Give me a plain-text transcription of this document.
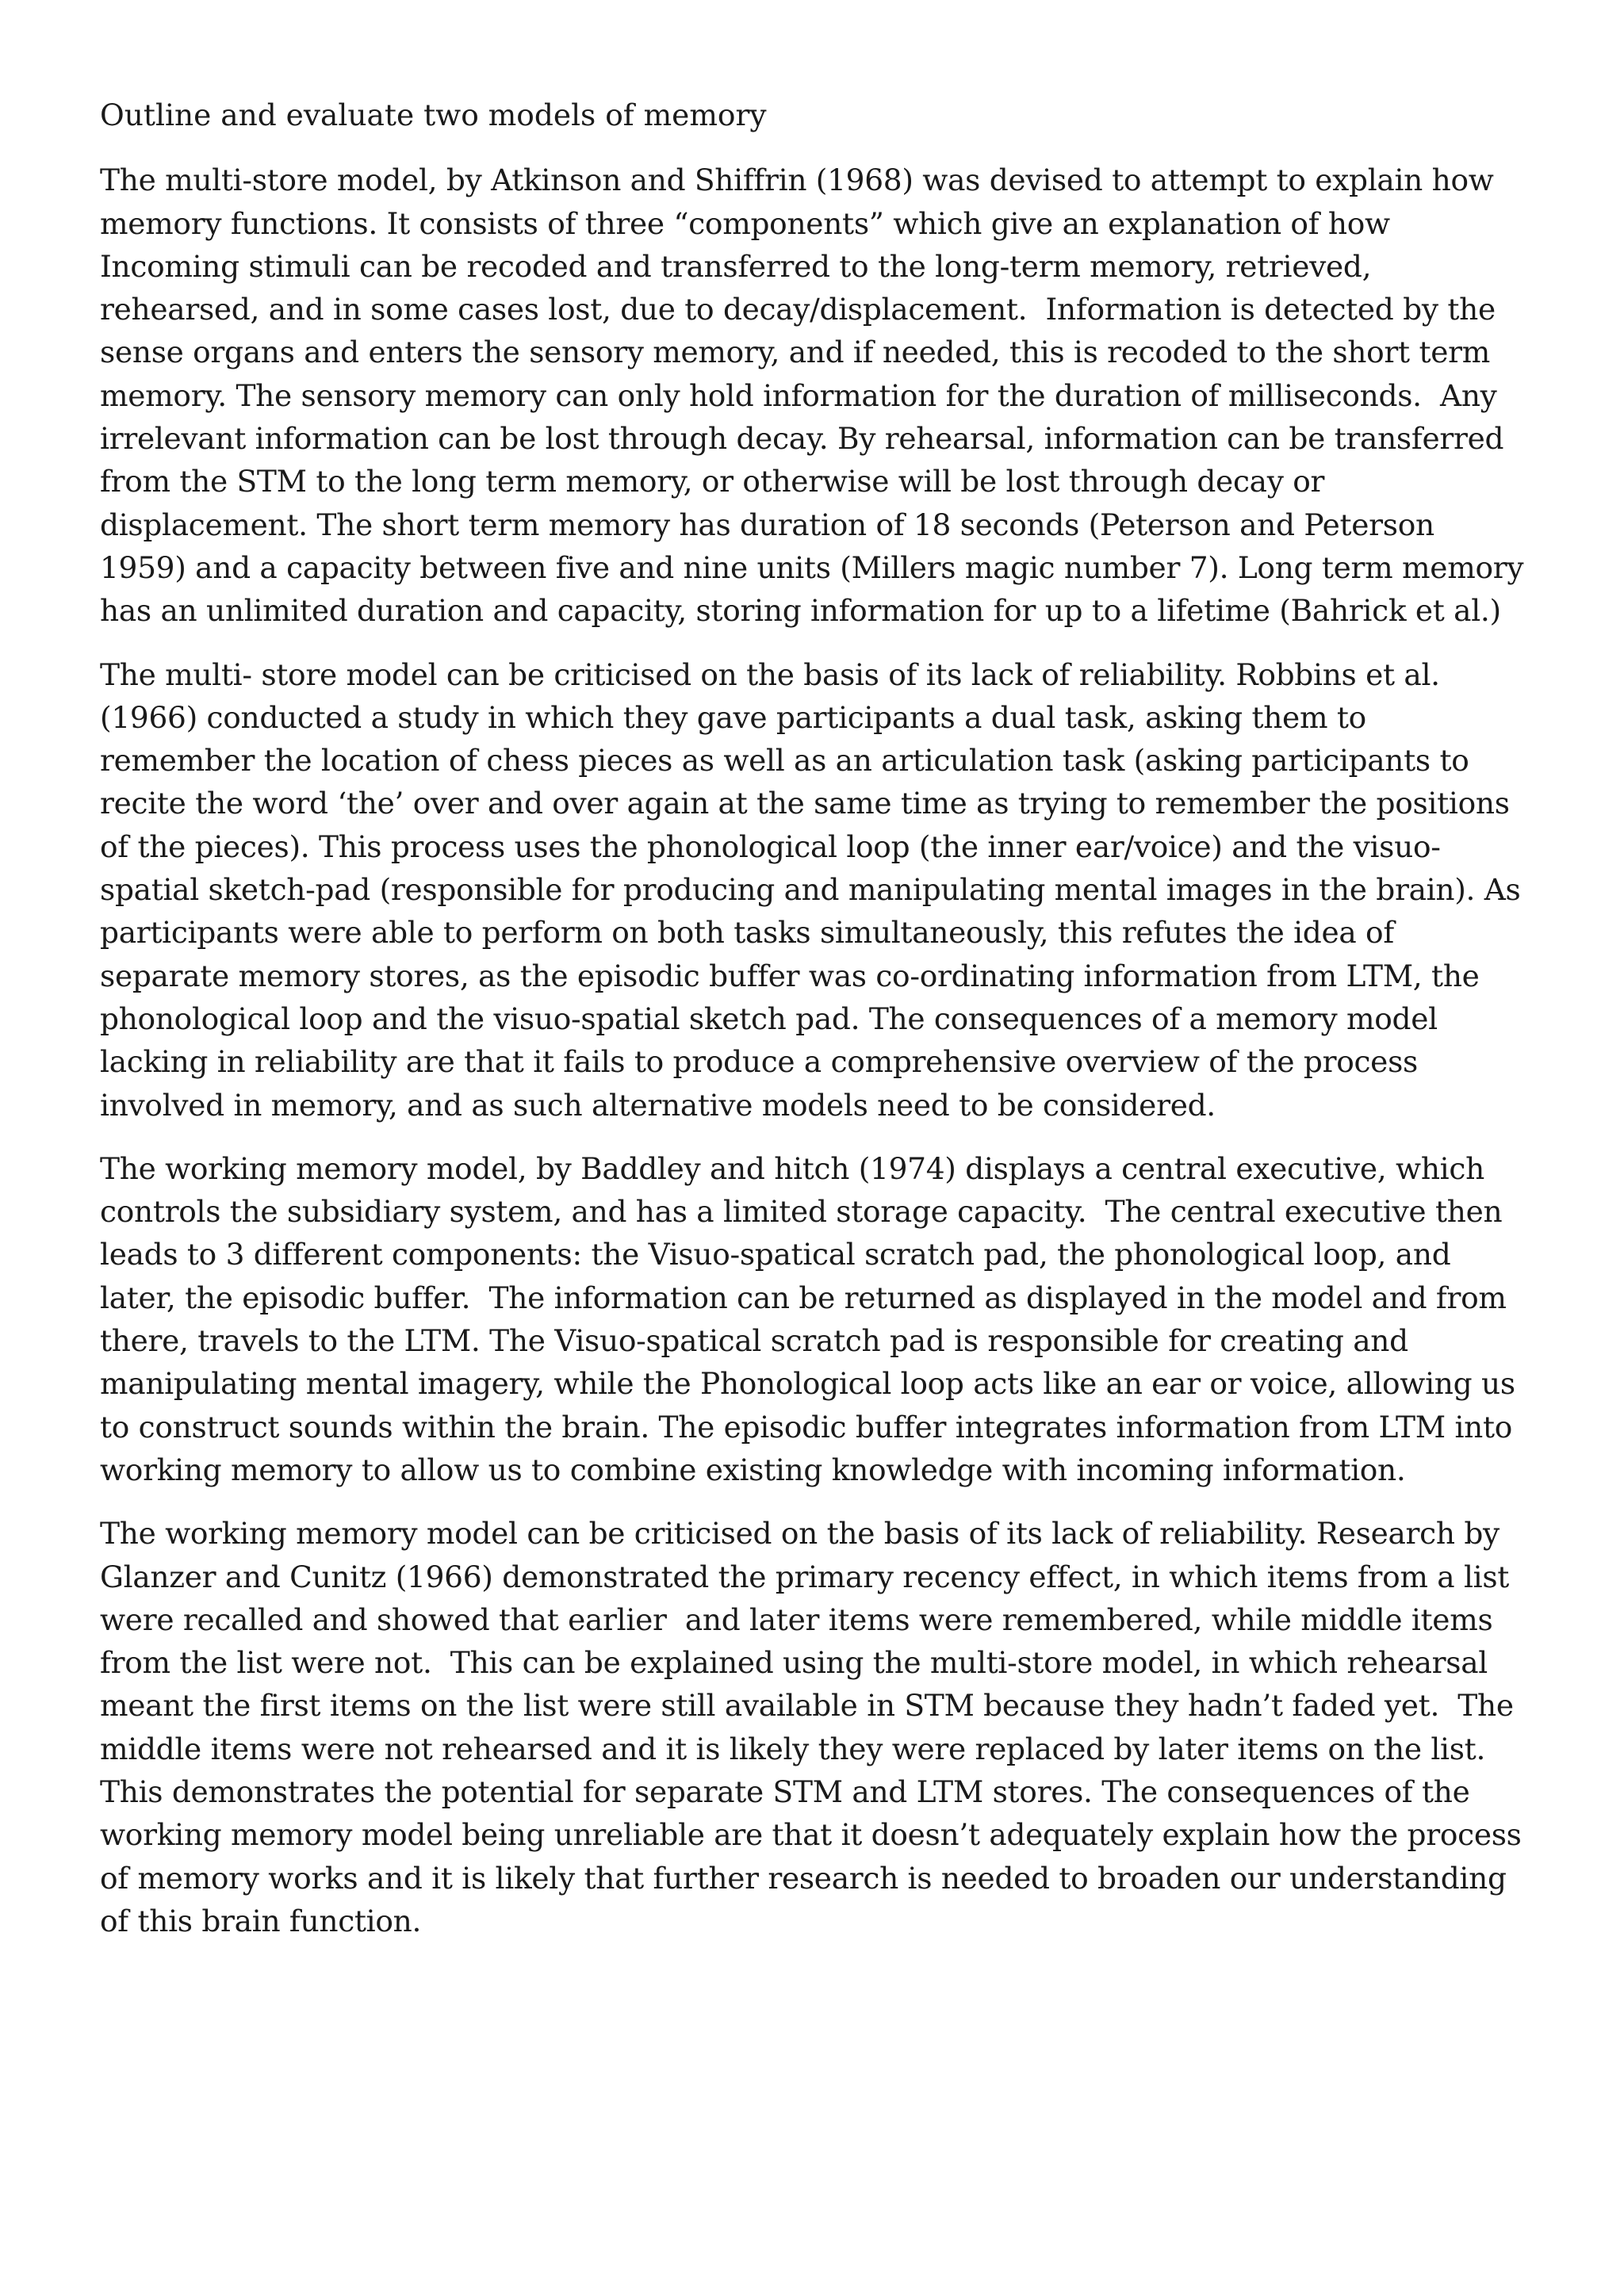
Outline and evaluate two models of memory

The multi-store model, by Atkinson and Shiffrin (1968) was devised to attempt to explain how memory functions. It consists of three “components” which give an explanation of how Incoming stimuli can be recoded and transferred to the long-term memory, retrieved, rehearsed, and in some cases lost, due to decay/displacement.  Information is detected by the sense organs and enters the sensory memory, and if needed, this is recoded to the short term memory. The sensory memory can only hold information for the duration of milliseconds.  Any irrelevant information can be lost through decay. By rehearsal, information can be transferred from the STM to the long term memory, or otherwise will be lost through decay or displacement. The short term memory has duration of 18 seconds (Peterson and Peterson 1959) and a capacity between five and nine units (Millers magic number 7). Long term memory has an unlimited duration and capacity, storing information for up to a lifetime (Bahrick et al.)

The multi- store model can be criticised on the basis of its lack of reliability. Robbins et al. (1966) conducted a study in which they gave participants a dual task, asking them to remember the location of chess pieces as well as an articulation task (asking participants to recite the word ‘the’ over and over again at the same time as trying to remember the positions of the pieces). This process uses the phonological loop (the inner ear/voice) and the visuo-spatial sketch-pad (responsible for producing and manipulating mental images in the brain). As participants were able to perform on both tasks simultaneously, this refutes the idea of separate memory stores, as the episodic buffer was co-ordinating information from LTM, the phonological loop and the visuo-spatial sketch pad. The consequences of a memory model lacking in reliability are that it fails to produce a comprehensive overview of the process involved in memory, and as such alternative models need to be considered.

The working memory model, by Baddley and hitch (1974) displays a central executive, which controls the subsidiary system, and has a limited storage capacity.  The central executive then leads to 3 different components: the Visuo-spatical scratch pad, the phonological loop, and later, the episodic buffer.  The information can be returned as displayed in the model and from there, travels to the LTM. The Visuo-spatical scratch pad is responsible for creating and manipulating mental imagery, while the Phonological loop acts like an ear or voice, allowing us to construct sounds within the brain. The episodic buffer integrates information from LTM into working memory to allow us to combine existing knowledge with incoming information.

The working memory model can be criticised on the basis of its lack of reliability. Research by Glanzer and Cunitz (1966) demonstrated the primary recency effect, in which items from a list were recalled and showed that earlier  and later items were remembered, while middle items from the list were not.  This can be explained using the multi-store model, in which rehearsal meant the first items on the list were still available in STM because they hadn’t faded yet.  The middle items were not rehearsed and it is likely they were replaced by later items on the list. This demonstrates the potential for separate STM and LTM stores. The consequences of the working memory model being unreliable are that it doesn’t adequately explain how the process of memory works and it is likely that further research is needed to broaden our understanding of this brain function.
